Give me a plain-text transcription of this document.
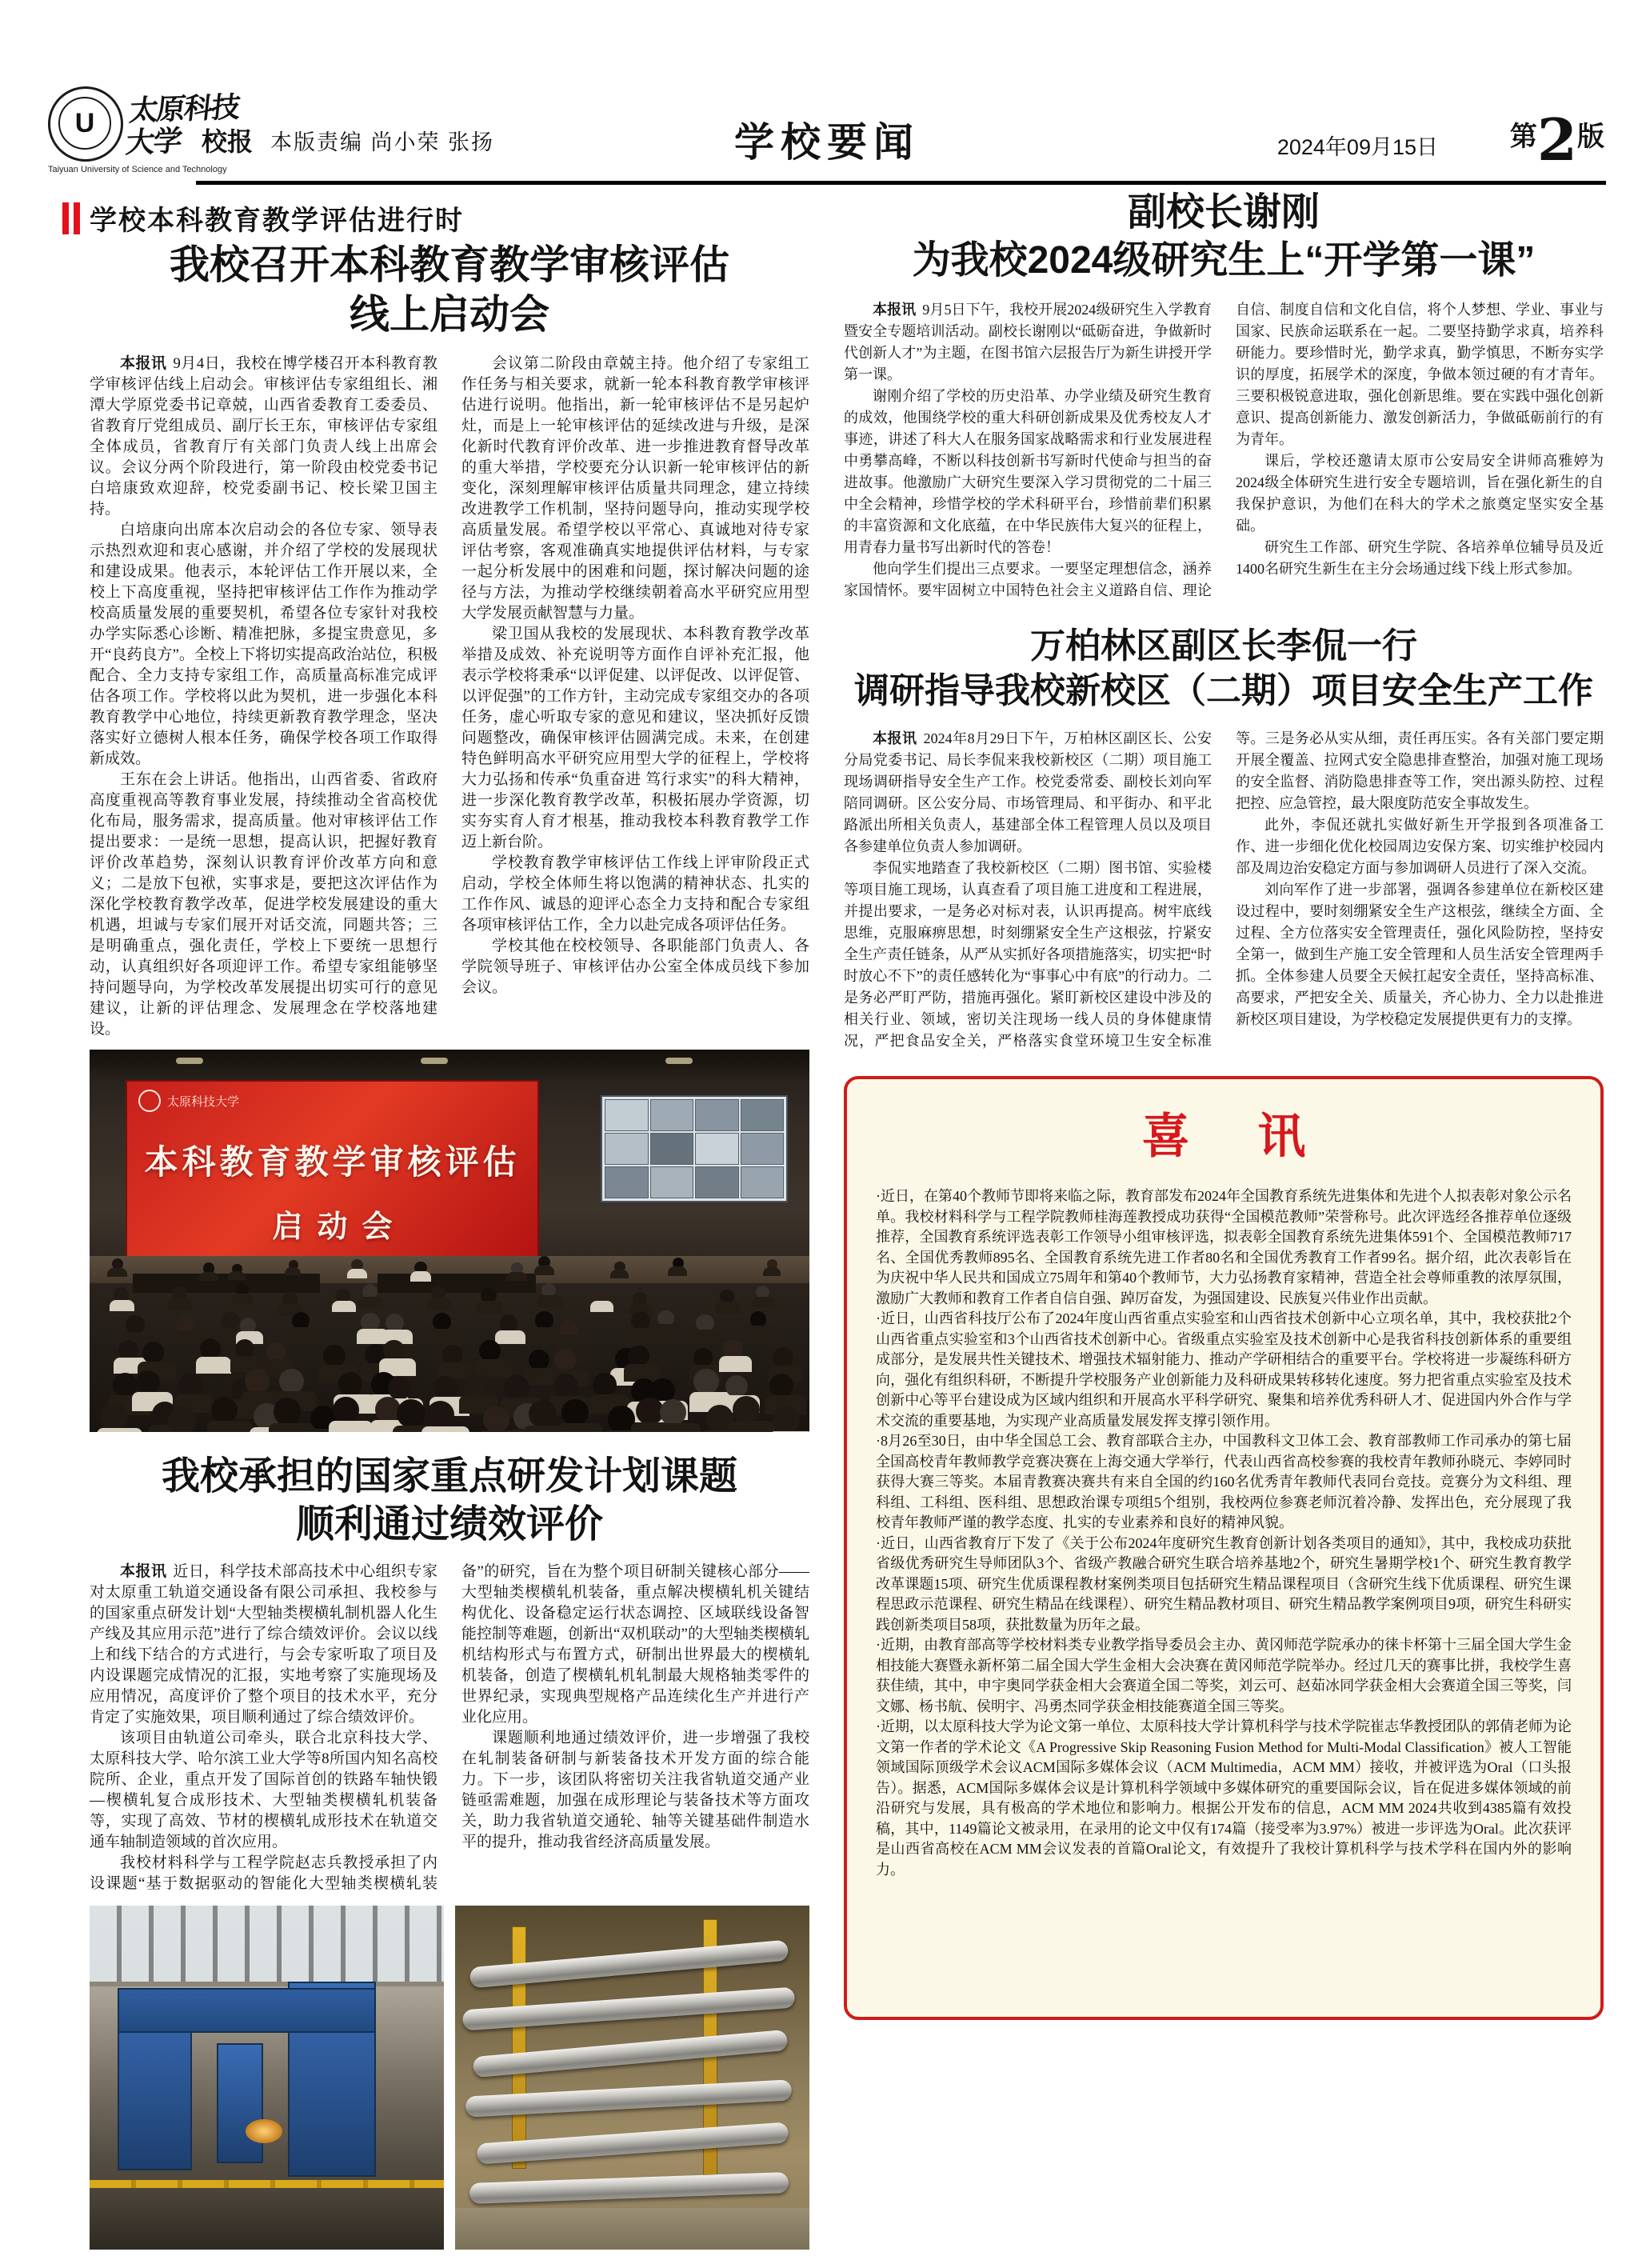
U	太原科技大学
Taiyuan University of Science and Technology
校报 本版责编 尚小荣 张扬	学校要闻	2024年09月15日	第2版
学校本科教育教学评估进行时
我校召开本科教育教学审核评估
线上启动会

本报讯 9月4日，我校在博学楼召开本科教育教学审核评估线上启动会。审核评估专家组组长、湘潭大学原党委书记章兢，山西省委教育工委委员、省教育厅党组成员、副厅长王东，审核评估专家组全体成员，省教育厅有关部门负责人线上出席会议。会议分两个阶段进行，第一阶段由校党委书记白培康致欢迎辞，校党委副书记、校长梁卫国主持。

白培康向出席本次启动会的各位专家、领导表示热烈欢迎和衷心感谢，并介绍了学校的发展现状和建设成果。他表示，本轮评估工作开展以来，全校上下高度重视，坚持把审核评估工作作为推动学校高质量发展的重要契机，希望各位专家针对我校办学实际悉心诊断、精准把脉，多提宝贵意见，多开“良药良方”。全校上下将切实提高政治站位，积极配合、全力支持专家组工作，高质量高标准完成评估各项工作。学校将以此为契机，进一步强化本科教育教学中心地位，持续更新教育教学理念，坚决落实好立德树人根本任务，确保学校各项工作取得新成效。

王东在会上讲话。他指出，山西省委、省政府高度重视高等教育事业发展，持续推动全省高校优化布局，服务需求，提高质量。他对审核评估工作提出要求：一是统一思想，提高认识，把握好教育评价改革趋势，深刻认识教育评价改革方向和意义；二是放下包袱，实事求是，要把这次评估作为深化学校教育教学改革，促进学校发展建设的重大机遇，坦诚与专家们展开对话交流，同题共答；三是明确重点，强化责任，学校上下要统一思想行动，认真组织好各项迎评工作。希望专家组能够坚持问题导向，为学校改革发展提出切实可行的意见建议，让新的评估理念、发展理念在学校落地建设。

会议第二阶段由章兢主持。他介绍了专家组工作任务与相关要求，就新一轮本科教育教学审核评估进行说明。他指出，新一轮审核评估不是另起炉灶，而是上一轮审核评估的延续改进与升级，是深化新时代教育评价改革、进一步推进教育督导改革的重大举措，学校要充分认识新一轮审核评估的新变化，深刻理解审核评估质量共同理念，建立持续改进教学工作机制，坚持问题导向，推动实现学校高质量发展。希望学校以平常心、真诚地对待专家评估考察，客观准确真实地提供评估材料，与专家一起分析发展中的困难和问题，探讨解决问题的途径与方法，为推动学校继续朝着高水平研究应用型大学发展贡献智慧与力量。

梁卫国从我校的发展现状、本科教育教学改革举措及成效、补充说明等方面作自评补充汇报，他表示学校将秉承“以评促建、以评促改、以评促管、以评促强”的工作方针，主动完成专家组交办的各项任务，虚心听取专家的意见和建议，坚决抓好反馈问题整改，确保审核评估圆满完成。未来，在创建特色鲜明高水平研究应用型大学的征程上，学校将大力弘扬和传承“负重奋进 笃行求实”的科大精神，进一步深化教育教学改革，积极拓展办学资源，切实夯实育人育才根基，推动我校本科教育教学工作迈上新台阶。

学校教育教学审核评估工作线上评审阶段正式启动，学校全体师生将以饱满的精神状态、扎实的工作作风、诚恳的迎评心态全力支持和配合专家组各项审核评估工作，全力以赴完成各项评估任务。

学校其他在校校领导、各职能部门负责人、各学院领导班子、审核评估办公室全体成员线下参加会议。

太原科技大学
本科教育教学审核评估
启动会
我校承担的国家重点研发计划课题
顺利通过绩效评价

本报讯 近日，科学技术部高技术中心组织专家对太原重工轨道交通设备有限公司承担、我校参与的国家重点研发计划“大型轴类楔横轧制机器人化生产线及其应用示范”进行了综合绩效评价。会议以线上和线下结合的方式进行，与会专家听取了项目及内设课题完成情况的汇报，实地考察了实施现场及应用情况，高度评价了整个项目的技术水平，充分肯定了实施效果，项目顺利通过了综合绩效评价。

该项目由轨道公司牵头，联合北京科技大学、太原科技大学、哈尔滨工业大学等8所国内知名高校院所、企业，重点开发了国际首创的铁路车轴快锻—楔横轧复合成形技术、大型轴类楔横轧机装备等，实现了高效、节材的楔横轧成形技术在轨道交通车轴制造领域的首次应用。

我校材料科学与工程学院赵志兵教授承担了内设课题“基于数据驱动的智能化大型轴类楔横轧装备”的研究，旨在为整个项目研制关键核心部分——大型轴类楔横轧机装备，重点解决楔横轧机关键结构优化、设备稳定运行状态调控、区域联线设备智能控制等难题，创新出“双机联动”的大型轴类楔横轧机结构形式与布置方式，研制出世界最大的楔横轧机装备，创造了楔横轧机轧制最大规格轴类零件的世界纪录，实现典型规格产品连续化生产并进行产业化应用。

课题顺利地通过绩效评价，进一步增强了我校在轧制装备研制与新装备技术开发方面的综合能力。下一步，该团队将密切关注我省轨道交通产业链亟需难题，加强在成形理论与装备技术等方面攻关，助力我省轨道交通轮、轴等关键基础件制造水平的提升，推动我省经济高质量发展。

副校长谢刚
为我校2024级研究生上“开学第一课”

本报讯 9月5日下午，我校开展2024级研究生入学教育暨安全专题培训活动。副校长谢刚以“砥砺奋进，争做新时代创新人才”为主题，在图书馆六层报告厅为新生讲授开学第一课。

谢刚介绍了学校的历史沿革、办学业绩及研究生教育的成效，他围绕学校的重大科研创新成果及优秀校友人才事迹，讲述了科大人在服务国家战略需求和行业发展进程中勇攀高峰，不断以科技创新书写新时代使命与担当的奋进故事。他激励广大研究生要深入学习贯彻党的二十届三中全会精神，珍惜学校的学术科研平台，珍惜前辈们积累的丰富资源和文化底蕴，在中华民族伟大复兴的征程上，用青春力量书写出新时代的答卷！

他向学生们提出三点要求。一要坚定理想信念，涵养家国情怀。要牢固树立中国特色社会主义道路自信、理论自信、制度自信和文化自信，将个人梦想、学业、事业与国家、民族命运联系在一起。二要坚持勤学求真，培养科研能力。要珍惜时光，勤学求真，勤学慎思，不断夯实学识的厚度，拓展学术的深度，争做本领过硬的有才青年。三要积极锐意进取，强化创新思维。要在实践中强化创新意识、提高创新能力、激发创新活力，争做砥砺前行的有为青年。

课后，学校还邀请太原市公安局安全讲师高雅婷为2024级全体研究生进行安全专题培训，旨在强化新生的自我保护意识，为他们在科大的学术之旅奠定坚实安全基础。

研究生工作部、研究生学院、各培养单位辅导员及近1400名研究生新生在主分会场通过线下线上形式参加。

万柏林区副区长李侃一行
调研指导我校新校区（二期）项目安全生产工作

本报讯 2024年8月29日下午，万柏林区副区长、公安分局党委书记、局长李侃来我校新校区（二期）项目施工现场调研指导安全生产工作。校党委常委、副校长刘向军陪同调研。区公安分局、市场管理局、和平街办、和平北路派出所相关负责人，基建部全体工程管理人员以及项目各参建单位负责人参加调研。

李侃实地踏查了我校新校区（二期）图书馆、实验楼等项目施工现场，认真查看了项目施工进度和工程进展，并提出要求，一是务必对标对表，认识再提高。树牢底线思维，克服麻痹思想，时刻绷紧安全生产这根弦，拧紧安全生产责任链条，从严从实抓好各项措施落实，切实把“时时放心不下”的责任感转化为“事事心中有底”的行动力。二是务必严盯严防，措施再强化。紧盯新校区建设中涉及的相关行业、领域，密切关注现场一线人员的身体健康情况，严把食品安全关，严格落实食堂环境卫生安全标准等。三是务必从实从细，责任再压实。各有关部门要定期开展全覆盖、拉网式安全隐患排查整治，加强对施工现场的安全监督、消防隐患排查等工作，突出源头防控、过程把控、应急管控，最大限度防范安全事故发生。

此外，李侃还就扎实做好新生开学报到各项准备工作、进一步细化优化校园周边安保方案、切实维护校园内部及周边治安稳定方面与参加调研人员进行了深入交流。

刘向军作了进一步部署，强调各参建单位在新校区建设过程中，要时刻绷紧安全生产这根弦，继续全方面、全过程、全方位落实安全管理责任，强化风险防控，坚持安全第一，做到生产施工安全管理和人员生活安全管理两手抓。全体参建人员要全天候扛起安全责任，坚持高标准、高要求，严把安全关、质量关，齐心协力、全力以赴推进新校区项目建设，为学校稳定发展提供更有力的支撑。

喜 讯

·近日，在第40个教师节即将来临之际，教育部发布2024年全国教育系统先进集体和先进个人拟表彰对象公示名单。我校材料科学与工程学院教师桂海莲教授成功获得“全国模范教师”荣誉称号。此次评选经各推荐单位逐级推荐，全国教育系统评选表彰工作领导小组审核评选，拟表彰全国教育系统先进集体591个、全国模范教师717名、全国优秀教师895名、全国教育系统先进工作者80名和全国优秀教育工作者99名。据介绍，此次表彰旨在为庆祝中华人民共和国成立75周年和第40个教师节，大力弘扬教育家精神，营造全社会尊师重教的浓厚氛围，激励广大教师和教育工作者自信自强、踔厉奋发，为强国建设、民族复兴伟业作出贡献。

·近日，山西省科技厅公布了2024年度山西省重点实验室和山西省技术创新中心立项名单，其中，我校获批2个山西省重点实验室和3个山西省技术创新中心。省级重点实验室及技术创新中心是我省科技创新体系的重要组成部分，是发展共性关键技术、增强技术辐射能力、推动产学研相结合的重要平台。学校将进一步凝练科研方向，强化有组织科研，不断提升学校服务产业创新能力及科研成果转移转化速度。努力把省重点实验室及技术创新中心等平台建设成为区域内组织和开展高水平科学研究、聚集和培养优秀科研人才、促进国内外合作与学术交流的重要基地，为实现产业高质量发展发挥支撑引领作用。

·8月26至30日，由中华全国总工会、教育部联合主办，中国教科文卫体工会、教育部教师工作司承办的第七届全国高校青年教师教学竞赛决赛在上海交通大学举行，代表山西省高校参赛的我校青年教师孙晓元、李婷同时获得大赛三等奖。本届青教赛决赛共有来自全国的约160名优秀青年教师代表同台竞技。竞赛分为文科组、理科组、工科组、医科组、思想政治课专项组5个组别，我校两位参赛老师沉着冷静、发挥出色，充分展现了我校青年教师严谨的教学态度、扎实的专业素养和良好的精神风貌。

·近日，山西省教育厅下发了《关于公布2024年度研究生教育创新计划各类项目的通知》，其中，我校成功获批省级优秀研究生导师团队3个、省级产教融合研究生联合培养基地2个，研究生暑期学校1个、研究生教育教学改革课题15项、研究生优质课程教材案例类项目包括研究生精品课程项目（含研究生线下优质课程、研究生课程思政示范课程、研究生精品在线课程）、研究生精品教材项目、研究生精品教学案例项目9项，研究生科研实践创新类项目58项，获批数量为历年之最。

·近期，由教育部高等学校材料类专业教学指导委员会主办、黄冈师范学院承办的徕卡杯第十三届全国大学生金相技能大赛暨永新杯第二届全国大学生金相大会决赛在黄冈师范学院举办。经过几天的赛事比拼，我校学生喜获佳绩，其中，申宇奥同学获金相大会赛道全国二等奖，刘云可、赵茹冰同学获金相大会赛道全国三等奖，闫文娜、杨书航、侯明宇、冯勇杰同学获金相技能赛道全国三等奖。

·近期，以太原科技大学为论文第一单位、太原科技大学计算机科学与技术学院崔志华教授团队的郭倩老师为论文第一作者的学术论文《A Progressive Skip Reasoning Fusion Method for Multi-Modal Classification》被人工智能领域国际顶级学术会议ACM国际多媒体会议（ACM Multimedia，ACM MM）接收，并被评选为Oral（口头报告）。据悉，ACM国际多媒体会议是计算机科学领域中多媒体研究的重要国际会议，旨在促进多媒体领域的前沿研究与发展，具有极高的学术地位和影响力。根据公开发布的信息，ACM MM 2024共收到4385篇有效投稿，其中，1149篇论文被录用，在录用的论文中仅有174篇（接受率为3.97%）被进一步评选为Oral。此次获评是山西省高校在ACM MM会议发表的首篇Oral论文，有效提升了我校计算机科学与技术学科在国内外的影响力。
